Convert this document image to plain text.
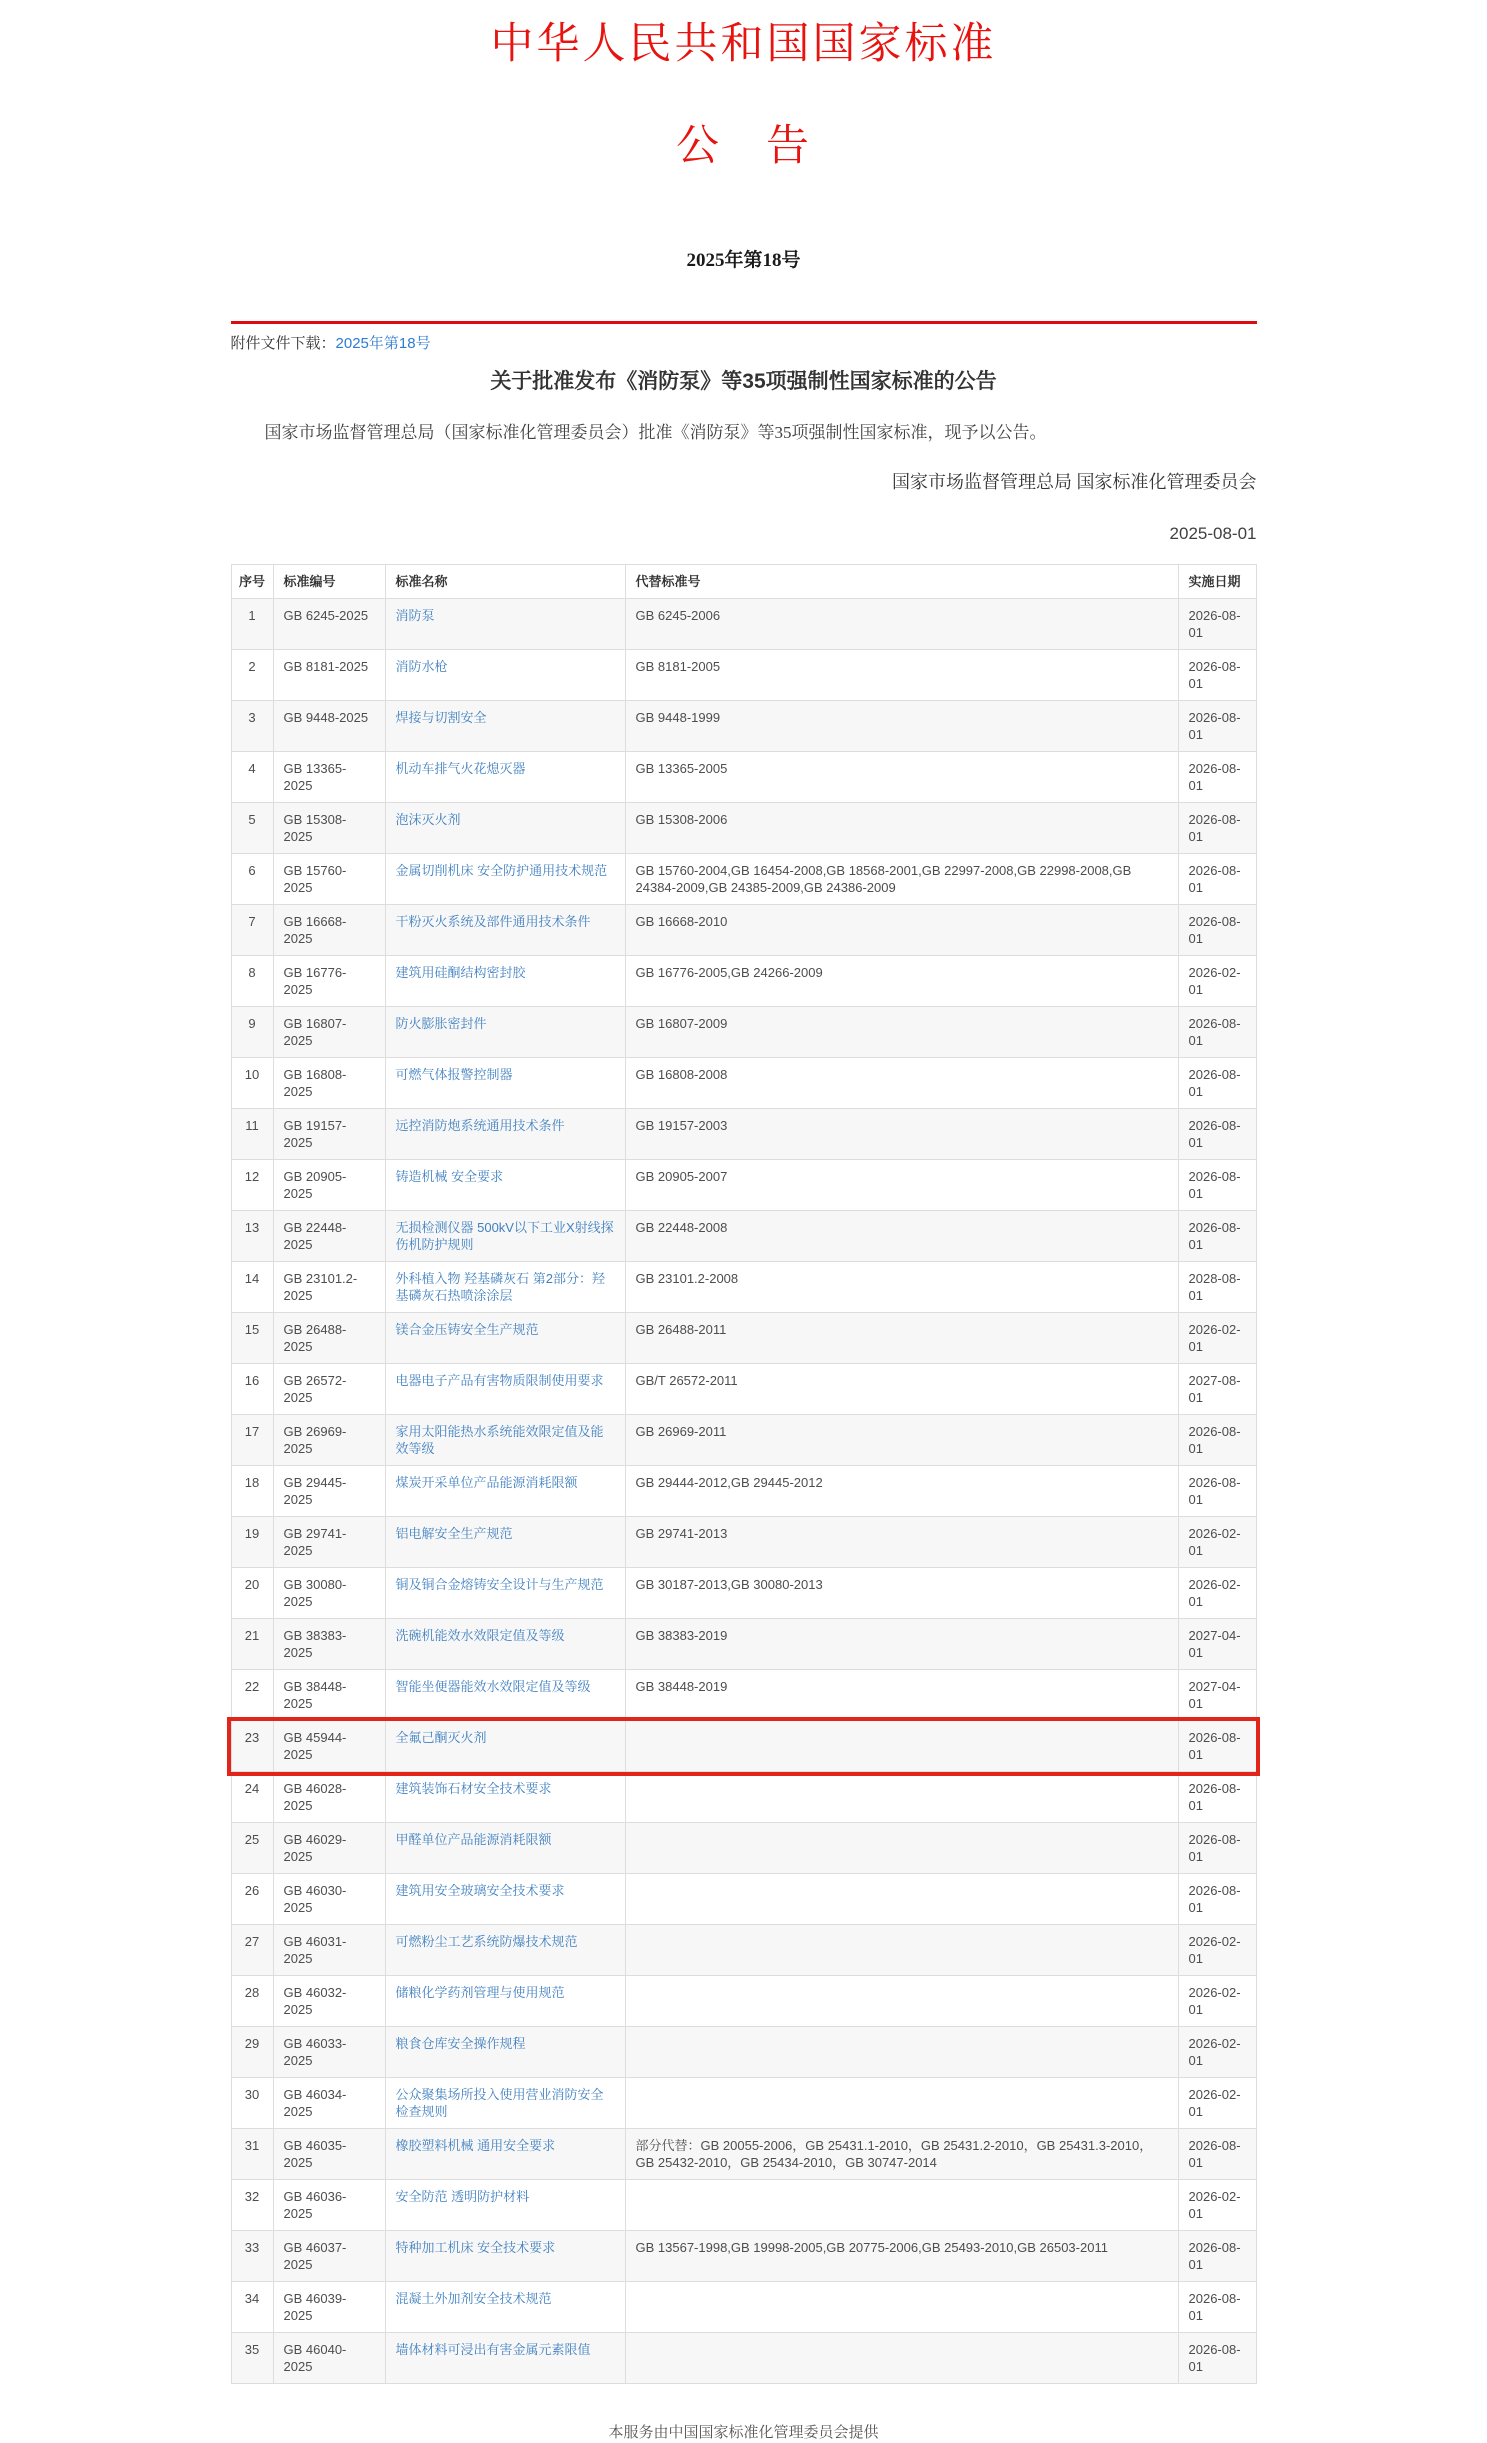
中华人民共和国国家标准
公　告
2025年第18号
附件文件下载：2025年第18号
关于批准发布《消防泵》等35项强制性国家标准的公告

国家市场监督管理总局（国家标准化管理委员会）批准《消防泵》等35项强制性国家标准，现予以公告。

国家市场监督管理总局 国家标准化管理委员会
2025-08-01
序号	标准编号	标准名称	代替标准号	实施日期
1	GB 6245-2025	消防泵	GB 6245-2006	2026-08-01
2	GB 8181-2025	消防水枪	GB 8181-2005	2026-08-01
3	GB 9448-2025	焊接与切割安全	GB 9448-1999	2026-08-01
4	GB 13365-2025	机动车排气火花熄灭器	GB 13365-2005	2026-08-01
5	GB 15308-2025	泡沫灭火剂	GB 15308-2006	2026-08-01
6	GB 15760-2025	金属切削机床 安全防护通用技术规范	GB 15760-2004,GB 16454-2008,GB 18568-2001,GB 22997-2008,GB 22998-2008,GB 24384-2009,GB 24385-2009,GB 24386-2009	2026-08-01
7	GB 16668-2025	干粉灭火系统及部件通用技术条件	GB 16668-2010	2026-08-01
8	GB 16776-2025	建筑用硅酮结构密封胶	GB 16776-2005,GB 24266-2009	2026-02-01
9	GB 16807-2025	防火膨胀密封件	GB 16807-2009	2026-08-01
10	GB 16808-2025	可燃气体报警控制器	GB 16808-2008	2026-08-01
11	GB 19157-2025	远控消防炮系统通用技术条件	GB 19157-2003	2026-08-01
12	GB 20905-2025	铸造机械 安全要求	GB 20905-2007	2026-08-01
13	GB 22448-2025	无损检测仪器 500kV以下工业X射线探伤机防护规则	GB 22448-2008	2026-08-01
14	GB 23101.2-2025	外科植入物 羟基磷灰石 第2部分：羟基磷灰石热喷涂涂层	GB 23101.2-2008	2028-08-01
15	GB 26488-2025	镁合金压铸安全生产规范	GB 26488-2011	2026-02-01
16	GB 26572-2025	电器电子产品有害物质限制使用要求	GB/T 26572-2011	2027-08-01
17	GB 26969-2025	家用太阳能热水系统能效限定值及能效等级	GB 26969-2011	2026-08-01
18	GB 29445-2025	煤炭开采单位产品能源消耗限额	GB 29444-2012,GB 29445-2012	2026-08-01
19	GB 29741-2025	铝电解安全生产规范	GB 29741-2013	2026-02-01
20	GB 30080-2025	铜及铜合金熔铸安全设计与生产规范	GB 30187-2013,GB 30080-2013	2026-02-01
21	GB 38383-2025	洗碗机能效水效限定值及等级	GB 38383-2019	2027-04-01
22	GB 38448-2025	智能坐便器能效水效限定值及等级	GB 38448-2019	2027-04-01
23	GB 45944-2025	全氟己酮灭火剂		2026-08-01
24	GB 46028-2025	建筑装饰石材安全技术要求		2026-08-01
25	GB 46029-2025	甲醛单位产品能源消耗限额		2026-08-01
26	GB 46030-2025	建筑用安全玻璃安全技术要求		2026-08-01
27	GB 46031-2025	可燃粉尘工艺系统防爆技术规范		2026-02-01
28	GB 46032-2025	储粮化学药剂管理与使用规范		2026-02-01
29	GB 46033-2025	粮食仓库安全操作规程		2026-02-01
30	GB 46034-2025	公众聚集场所投入使用营业消防安全检查规则		2026-02-01
31	GB 46035-2025	橡胶塑料机械 通用安全要求	部分代替：GB 20055-2006，GB 25431.1-2010，GB 25431.2-2010，GB 25431.3-2010，GB 25432-2010，GB 25434-2010，GB 30747-2014	2026-08-01
32	GB 46036-2025	安全防范 透明防护材料		2026-02-01
33	GB 46037-2025	特种加工机床 安全技术要求	GB 13567-1998,GB 19998-2005,GB 20775-2006,GB 25493-2010,GB 26503-2011	2026-08-01
34	GB 46039-2025	混凝土外加剂安全技术规范		2026-08-01
35	GB 46040-2025	墙体材料可浸出有害金属元素限值		2026-08-01
本服务由中国国家标准化管理委员会提供
